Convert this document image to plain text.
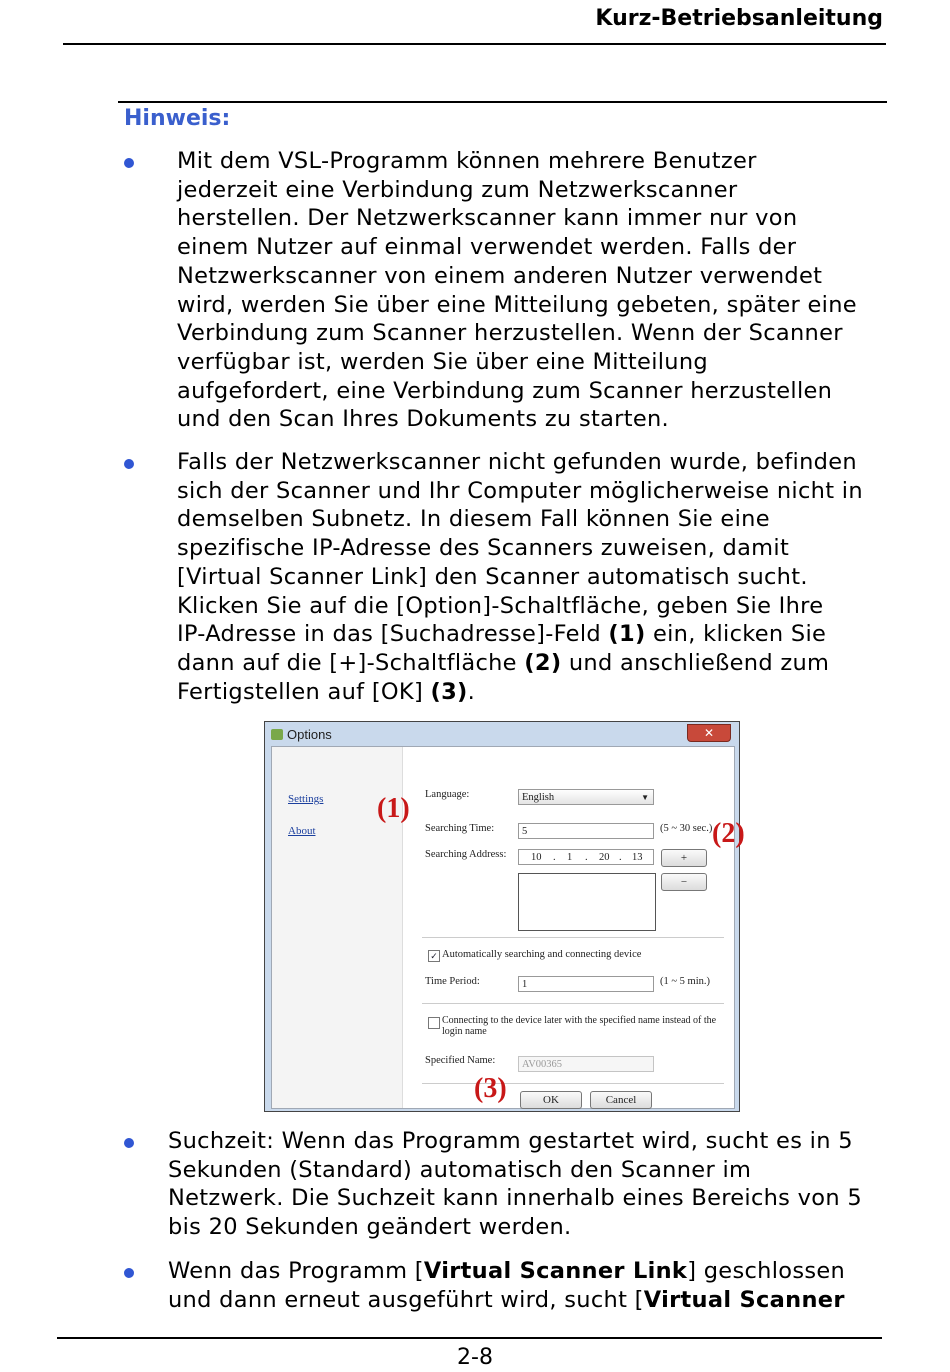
Kurz-Betriebsanleitung
Hinweis:
Mit dem VSL-Programm können mehrere Benutzer
jederzeit eine Verbindung zum Netzwerkscanner
herstellen. Der Netzwerkscanner kann immer nur von
einem Nutzer auf einmal verwendet werden. Falls der
Netzwerkscanner von einem anderen Nutzer verwendet
wird, werden Sie über eine Mitteilung gebeten, später eine
Verbindung zum Scanner herzustellen. Wenn der Scanner
verfügbar ist, werden Sie über eine Mitteilung
aufgefordert, eine Verbindung zum Scanner herzustellen
und den Scan Ihres Dokuments zu starten.
Falls der Netzwerkscanner nicht gefunden wurde, befinden
sich der Scanner und Ihr Computer möglicherweise nicht in
demselben Subnetz. In diesem Fall können Sie eine
spezifische IP-Adresse des Scanners zuweisen, damit
[Virtual Scanner Link] den Scanner automatisch sucht.
Klicken Sie auf die [Option]-Schaltfläche, geben Sie Ihre
IP-Adresse in das [Suchadresse]-Feld (1) ein, klicken Sie
dann auf die [+]-Schaltfläche (2) und anschließend zum
Fertigstellen auf [OK] (3).
Options	✕
Settings
About
Language:	English	▼
Searching Time:	5	(5 ~ 30 sec.)
Searching Address: 10 . 1 . 20 . 13	+
−
✓ Automatically searching and connecting device
Time Period:	1	(1 ~ 5 min.)
Connecting to the device later with the specified name instead of the
login name
Specified Name:	AV00365
OK	Cancel
(1)
(2)
(3)
Suchzeit: Wenn das Programm gestartet wird, sucht es in 5
Sekunden (Standard) automatisch den Scanner im
Netzwerk. Die Suchzeit kann innerhalb eines Bereichs von 5
bis 20 Sekunden geändert werden.
Wenn das Programm [Virtual Scanner Link] geschlossen
und dann erneut ausgeführt wird, sucht [Virtual Scanner
2-8
